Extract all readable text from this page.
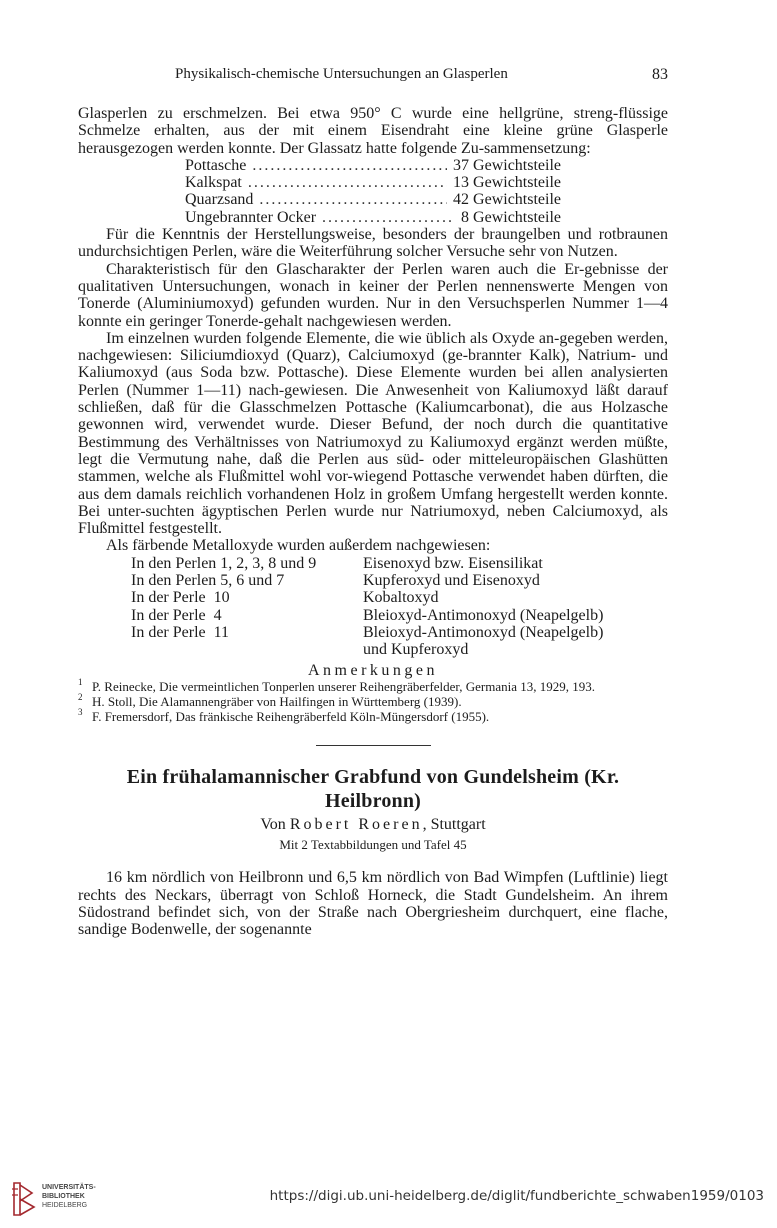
Physikalisch-chemische Untersuchungen an Glasperlen	83

Glasperlen zu erschmelzen. Bei etwa 950° C wurde eine hellgrüne, streng-flüssige Schmelze erhalten, aus der mit einem Eisendraht eine kleine grüne Glasperle herausgezogen werden konnte. Der Glassatz hatte folgende Zu-sammensetzung:

Pottasche .....	37 Gewichtsteile
Kalkspat .....	13 Gewichtsteile
Quarzsand .....	42 Gewichtsteile
Ungebrannter Ocker .....	8 Gewichtsteile

Für die Kenntnis der Herstellungsweise, besonders der braungelben und rotbraunen undurchsichtigen Perlen, wäre die Weiterführung solcher Versuche sehr von Nutzen.

Charakteristisch für den Glascharakter der Perlen waren auch die Er-gebnisse der qualitativen Untersuchungen, wonach in keiner der Perlen nennenswerte Mengen von Tonerde (Aluminiumoxyd) gefunden wurden. Nur in den Versuchsperlen Nummer 1—4 konnte ein geringer Tonerde-gehalt nachgewiesen werden.

Im einzelnen wurden folgende Elemente, die wie üblich als Oxyde an-gegeben werden, nachgewiesen: Siliciumdioxyd (Quarz), Calciumoxyd (ge-brannter Kalk), Natrium- und Kaliumoxyd (aus Soda bzw. Pottasche). Diese Elemente wurden bei allen analysierten Perlen (Nummer 1—11) nach-gewiesen. Die Anwesenheit von Kaliumoxyd läßt darauf schließen, daß für die Glasschmelzen Pottasche (Kaliumcarbonat), die aus Holzasche gewonnen wird, verwendet wurde. Dieser Befund, der noch durch die quantitative Bestimmung des Verhältnisses von Natriumoxyd zu Kaliumoxyd ergänzt werden müßte, legt die Vermutung nahe, daß die Perlen aus süd- oder mitteleuropäischen Glashütten stammen, welche als Flußmittel wohl vor-wiegend Pottasche verwendet haben dürften, die aus dem damals reichlich vorhandenen Holz in großem Umfang hergestellt werden konnte. Bei unter-suchten ägyptischen Perlen wurde nur Natriumoxyd, neben Calciumoxyd, als Flußmittel festgestellt.

Als färbende Metalloxyde wurden außerdem nachgewiesen:

In den Perlen 1, 2, 3, 8 und 9	Eisenoxyd bzw. Eisensilikat
In den Perlen 5, 6 und 7	Kupferoxyd und Eisenoxyd
In der Perle  10	Kobaltoxyd
In der Perle  4	Bleioxyd-Antimonoxyd (Neapelgelb)
In der Perle  11	Bleioxyd-Antimonoxyd (Neapelgelb)
und Kupferoxyd
Anmerkungen
1 P. Reinecke, Die vermeintlichen Tonperlen unserer Reihengräberfelder, Germania 13, 1929, 193.
2 H. Stoll, Die Alamannengräber von Hailfingen in Württemberg (1939).
3 F. Fremersdorf, Das fränkische Reihengräberfeld Köln-Müngersdorf (1955).
Ein frühalamannischer Grabfund von Gundelsheim (Kr. Heilbronn)
Von Robert Roeren, Stuttgart
Mit 2 Textabbildungen und Tafel 45

16 km nördlich von Heilbronn und 6,5 km nördlich von Bad Wimpfen (Luftlinie) liegt rechts des Neckars, überragt von Schloß Horneck, die Stadt Gundelsheim. An ihrem Südostrand befindet sich, von der Straße nach Obergriesheim durchquert, eine flache, sandige Bodenwelle, der sogenannte

UNIVERSITÄTS-
BIBLIOTHEK
HEIDELBERG
https://digi.ub.uni-heidelberg.de/diglit/fundberichte_schwaben1959/0103
